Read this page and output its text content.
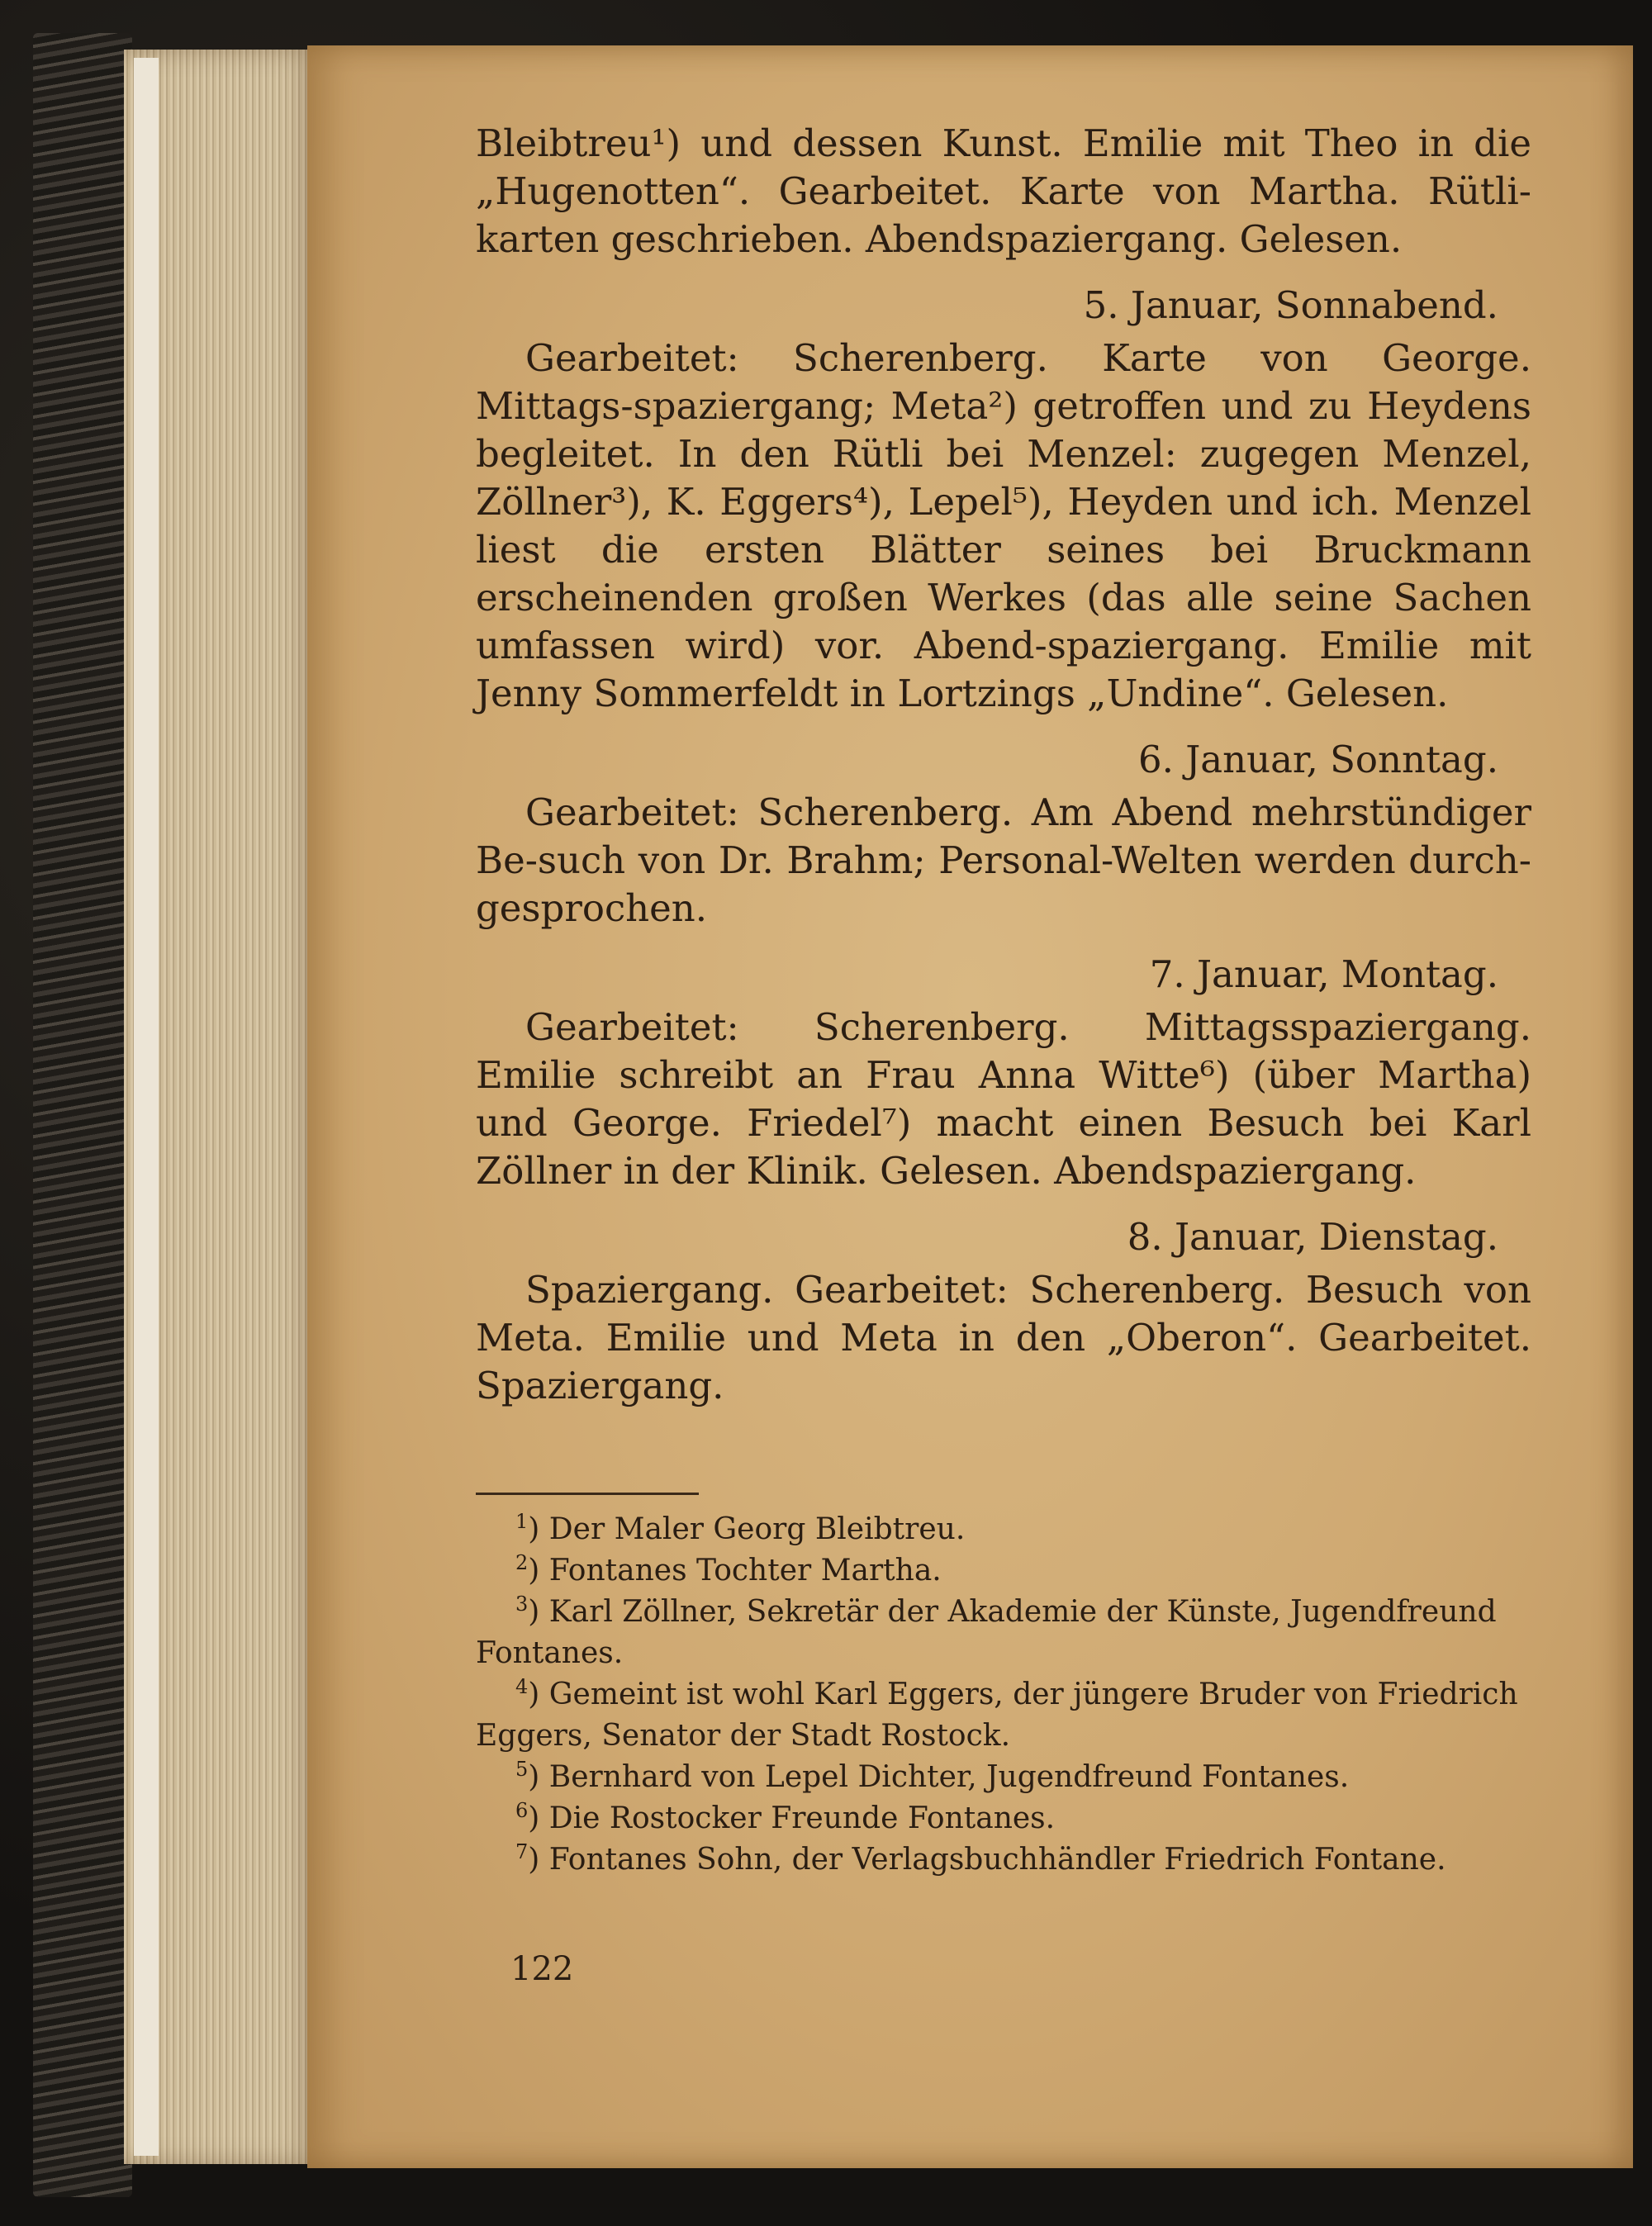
Bleibtreu¹) und dessen Kunst. Emilie mit Theo in die „Hugenotten“. Gearbeitet. Karte von Martha. Rütli-karten geschrieben. Abendspaziergang. Gelesen.

5. Januar, Sonnabend.

Gearbeitet: Scherenberg. Karte von George. Mittags-spaziergang; Meta²) getroffen und zu Heydens begleitet. In den Rütli bei Menzel: zugegen Menzel, Zöllner³), K. Eggers⁴), Lepel⁵), Heyden und ich. Menzel liest die ersten Blätter seines bei Bruckmann erscheinenden großen Werkes (das alle seine Sachen umfassen wird) vor. Abend-spaziergang. Emilie mit Jenny Sommerfeldt in Lortzings „Undine“. Gelesen.

6. Januar, Sonntag.

Gearbeitet: Scherenberg. Am Abend mehrstündiger Be-such von Dr. Brahm; Personal-Welten werden durch-gesprochen.

7. Januar, Montag.

Gearbeitet: Scherenberg. Mittagsspaziergang. Emilie schreibt an Frau Anna Witte⁶) (über Martha) und George. Friedel⁷) macht einen Besuch bei Karl Zöllner in der Klinik. Gelesen. Abendspaziergang.

8. Januar, Dienstag.

Spaziergang. Gearbeitet: Scherenberg. Besuch von Meta. Emilie und Meta in den „Oberon“. Gearbeitet. Spaziergang.

$^1$) Der Maler Georg Bleibtreu.

$^2$) Fontanes Tochter Martha.

$^3$) Karl Zöllner, Sekretär der Akademie der Künste, Jugendfreund Fontanes.

$^4$) Gemeint ist wohl Karl Eggers, der jüngere Bruder von Friedrich Eggers, Senator der Stadt Rostock.

$^5$) Bernhard von Lepel Dichter, Jugendfreund Fontanes.

$^6$) Die Rostocker Freunde Fontanes.

$^7$) Fontanes Sohn, der Verlagsbuchhändler Friedrich Fontane.

122
